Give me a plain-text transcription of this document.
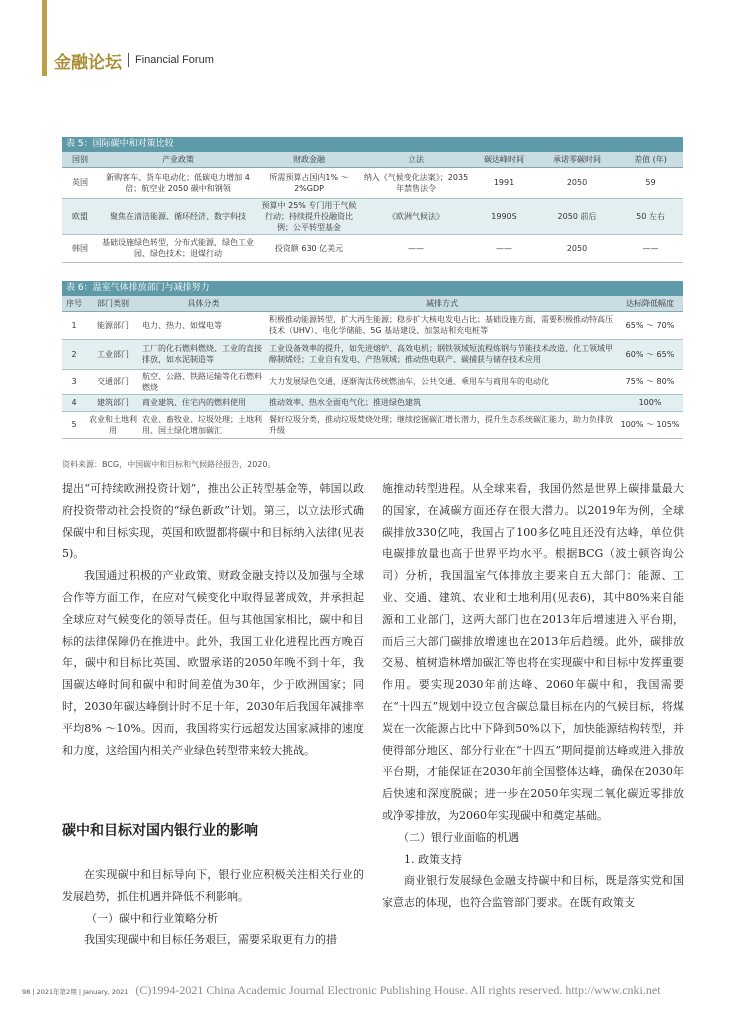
金融论坛 Financial Forum
表 5：国际碳中和对策比较
国别	产业政策	财政金融	立法	碳达峰时间	承诺零碳时间	差值 (年)
英国	新购客车、货车电动化；低碳电力增加 4 倍；航空业 2050 碳中和钢领	所需预算占国内1% ～ 2%GDP	纳入《气候变化法案》；2035 年禁售法令	1991	2050	59
欧盟	聚焦在清洁能源、循环经济、数字科技	预算中 25% 专门用于气候行动；持续提升投融资比例；公平转型基金	《欧洲气候法》	1990S	2050 前后	50 左右
韩国	基础设施绿色转型，分布式能源，绿色工业园、绿色技术；退煤行动	投资额 630 亿美元	——	——	2050	——
表 6：温室气体排放部门与减排努力
序号	部门类别	具体分类	减排方式	达标降低幅度
1	能源部门	电力、热力、如煤电等	积极推动能源转型，扩大再生能源；稳步扩大核电发电占比；基础设施方面，需要积极推动特高压技术（UHV）、电化学储能、5G 基站建设、加氢站和充电桩等	65% ～ 70%
2	工业部门	工厂的化石燃料燃烧、工业的直接排放，如水泥制造等	工业设备效率的提升，如先进熔炉、高效电机；钢铁领域短流程炼钢与节能技术改造、化工领域甲醇制烯烃；工业自有发电、产热领域；推动热电联产、碳捕获与储存技术应用	60% ～ 65%
3	交通部门	航空、公路、铁路运输等化石燃料燃烧	大力发展绿色交通，逐渐淘汰传统燃油车，公共交通、乘用车与商用车的电动化	75% ～ 80%
4	建筑部门	商业建筑、住宅内的燃料使用	推动效率、热水全面电气化；推进绿色建筑	100%
5	农业和土地利用	农业、畜牧业、垃圾处理；土地利用、国土绿化增加碳汇	餐好垃圾分类，推动垃圾焚烧处理；继续挖掘碳汇增长潜力，提升生态系统碳汇能力，助力负排放升级	100% ～ 105%
资料来源：BCG，中国碳中和目标和气候路径报告，2020。

提出“可持续欧洲投资计划”，推出公正转型基金等，韩国以政府投资带动社会投资的“绿色新政”计划。第三，以立法形式确保碳中和目标实现，英国和欧盟都将碳中和目标纳入法律(见表5)。

我国通过积极的产业政策、财政金融支持以及加强与全球合作等方面工作，在应对气候变化中取得显著成效，并承担起全球应对气候变化的领导责任。但与其他国家相比，碳中和目标的法律保障仍在推进中。此外，我国工业化进程比西方晚百年，碳中和目标比英国、欧盟承诺的2050年晚不到十年，我国碳达峰时间和碳中和时间差值为30年，少于欧洲国家；同时，2030年碳达峰倒计时不足十年，2030年后我国年减排率平均8% ～10%。因而，我国将实行远超发达国家减排的速度和力度，这给国内相关产业绿色转型带来较大挑战。

碳中和目标对国内银行业的影响

在实现碳中和目标导向下，银行业应积极关注相关行业的发展趋势，抓住机遇并降低不利影响。

（一）碳中和行业策略分析

我国实现碳中和目标任务艰巨，需要采取更有力的措

施推动转型进程。从全球来看，我国仍然是世界上碳排量最大的国家，在减碳方面还存在很大潜力。以2019年为例，全球碳排放330亿吨，我国占了100多亿吨且还没有达峰，单位供电碳排放量也高于世界平均水平。根据BCG（波士顿咨询公司）分析，我国温室气体排放主要来自五大部门：能源、工业、交通、建筑、农业和土地利用(见表6)，其中80%来自能源和工业部门，这两大部门也在2013年后增速进入平台期，而后三大部门碳排放增速也在2013年后趋缓。此外，碳排放交易、植树造林增加碳汇等也将在实现碳中和目标中发挥重要作用。要实现2030年前达峰、2060年碳中和，我国需要在“十四五”规划中设立包含碳总量目标在内的气候目标，将煤炭在一次能源占比中下降到50%以下，加快能源结构转型，并使得部分地区、部分行业在“十四五”期间提前达峰或进入排放平台期，才能保证在2030年前全国整体达峰，确保在2030年后快速和深度脱碳；进一步在2050年实现二氧化碳近零排放或净零排放，为2060年实现碳中和奠定基础。

（二）银行业面临的机遇

1. 政策支持

商业银行发展绿色金融支持碳中和目标，既是落实党和国家意志的体现，也符合监管部门要求。在既有政策支

98 | 2021年第2期 | January, 2021 (C)1994-2021 China Academic Journal Electronic Publishing House. All rights reserved. http://www.cnki.net
